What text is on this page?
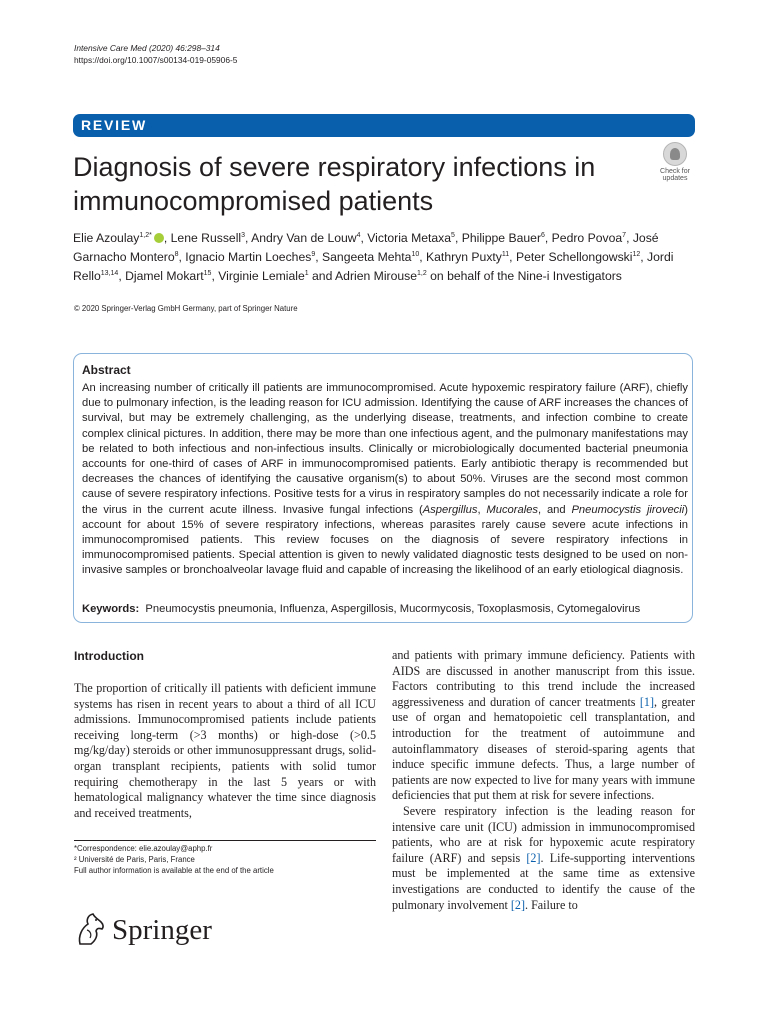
Intensive Care Med (2020) 46:298–314
https://doi.org/10.1007/s00134-019-05906-5
REVIEW
Diagnosis of severe respiratory infections in immunocompromised patients
Check for updates
Elie Azoulay$^{1,2*}$ , Lene Russell$^3$, Andry Van de Louw$^4$, Victoria Metaxa$^5$, Philippe Bauer$^6$, Pedro Povoa$^7$, José Garnacho Montero$^8$, Ignacio Martin Loeches$^9$, Sangeeta Mehta$^{10}$, Kathryn Puxty$^{11}$, Peter Schellongowski$^{12}$, Jordi Rello$^{13,14}$, Djamel Mokart$^{15}$, Virginie Lemiale$^1$ and Adrien Mirouse$^{1,2}$ on behalf of the Nine-i Investigators
© 2020 Springer-Verlag GmbH Germany, part of Springer Nature
Abstract
An increasing number of critically ill patients are immunocompromised. Acute hypoxemic respiratory failure (ARF), chiefly due to pulmonary infection, is the leading reason for ICU admission. Identifying the cause of ARF increases the chances of survival, but may be extremely challenging, as the underlying disease, treatments, and infection combine to create complex clinical pictures. In addition, there may be more than one infectious agent, and the pulmonary manifestations may be related to both infectious and non-infectious insults. Clinically or microbiologically documented bacterial pneumonia accounts for one-third of cases of ARF in immunocompromised patients. Early antibiotic therapy is recommended but decreases the chances of identifying the causative organism(s) to about 50%. Viruses are the second most common cause of severe respiratory infections. Positive tests for a virus in respiratory samples do not necessarily indicate a role for the virus in the current acute illness. Invasive fungal infections (Aspergillus, Mucorales, and Pneumocystis jirovecii) account for about 15% of severe respiratory infections, whereas parasites rarely cause severe acute infections in immunocompromised patients. This review focuses on the diagnosis of severe respiratory infections in immunocompromised patients. Special attention is given to newly validated diagnostic tests designed to be used on non-invasive samples or bronchoalveolar lavage fluid and capable of increasing the likelihood of an early etiological diagnosis.
Keywords: Pneumocystis pneumonia, Influenza, Aspergillosis, Mucormycosis, Toxoplasmosis, Cytomegalovirus
Introduction

The proportion of critically ill patients with deficient immune systems has risen in recent years to about a third of all ICU admissions. Immunocompromised patients include patients receiving long-term (>3 months) or high-dose (>0.5 mg/kg/day) steroids or other immunosuppressant drugs, solid-organ transplant recipients, patients with solid tumor requiring chemotherapy in the last 5 years or with hematological malignancy whatever the time since diagnosis and received treatments,

and patients with primary immune deficiency. Patients with AIDS are discussed in another manuscript from this issue. Factors contributing to this trend include the increased aggressiveness and duration of cancer treatments [1], greater use of organ and hematopoietic cell transplantation, and introduction for the treatment of autoimmune and autoinflammatory diseases of steroid-sparing agents that induce specific immune defects. Thus, a large number of patients are now expected to live for many years with immune deficiencies that put them at risk for severe infections.

Severe respiratory infection is the leading reason for intensive care unit (ICU) admission in immunocompromised patients, who are at risk for hypoxemic acute respiratory failure (ARF) and sepsis [2]. Life-supporting interventions must be implemented at the same time as extensive investigations are conducted to identify the cause of the pulmonary involvement [2]. Failure to

*Correspondence: elie.azoulay@aphp.fr
² Université de Paris, Paris, France
Full author information is available at the end of the article
Springer
